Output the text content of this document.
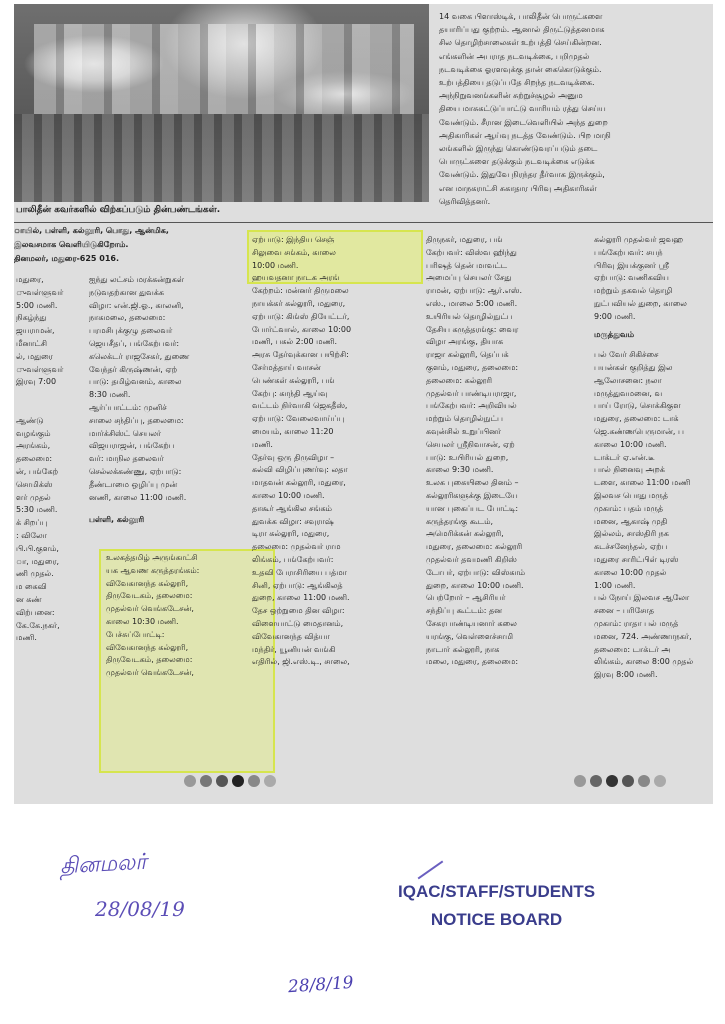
பாலிதீன் கவர்களில் விற்கப்படும் தின்பண்டங்கள்.
14 வகை பிளாஸ்டிக், பாலிதீன் பொருட்களை
தயாரிப்பது குற்றம். ஆனால் திருட்டுத்தனமாக
சில தொழிற்சாலைகள் உற்பத்தி செய்கின்றன.
எங்களின் அபராத நடவடிக்கை, பறிமுதல்
நடவடிக்கை ஓரளவுக்கு தான் கைகொடுக்கும்.
உற்பத்தியை தடுப்பதே சிறந்த நடவடிக்கை.
அந்நிறுவனங்களின் சுற்றுச்சூழல் அனும
தியை மாசுகட்டுப்பாட்டு வாரியம் ரத்து செய்ய
வேண்டும். சீரான இடைவெளியில் அந்த துறை
அதிகாரிகள் ஆய்வு நடத்த வேண்டும். பிற மாநி
லங்களில் இருந்து கொண்டுவரப்படும் தடை
பொருட்களை தடுக்கும் நடவடிக்கை எடுக்க
வேண்டும். இதுவே நிரந்தர தீர்வாக இருக்கும்,
என மாநகராட்சி சுகாதார பிரிவு அதிகாரிகள்
தெரிவித்தனர்.
ாயில், பள்ளி, கல்லூரி, பொது, ஆன்மிக,
இலவசமாக வெளியிடுகிறோம்.
தினமலர், மதுரை-625 016.
மதுரை,
ுவள்ளுவர்
5:00 மணி.
நிகழ்ந்து
ஜயராமன்,
மீனாட்சி
ல், மதுரை
ுவள்ளுவர்
இரவு 7:00

ஆண்டு
வழங்கும்
அரங்கம்,
தலைமை:
ன், பங்கேற்
சொமிக்ஸ்
ளர் முதல்
5:30 மணி.
க் சிறப்பு
: விலோ
பி.பி.குளம்,
ா, மதுரை,
ணி முதல்.
ம கைவி
ன கண்
விற்பனை:
கே.கே.நகர்,
மணி.
ஐந்து லட்சம் மரக்கன்றுகள்
நடுவதற்கான துவக்க
விழா: என்.ஜி.ஓ., காலனி,
நாகமலை, தலைமை:
பரமசிபுக்குழு தலைவர்
ஜெயசீதப், பங்கேற்பவர்:
கலெக்டர் ராஜசேகர், துணை
வேந்தர் கிருஷ்ணன், ஏற்
பாடு: தமிழ்வனம், காலை
8:30 மணி.
ஆர்ப்பாட்டம்: முனிச்
சாலை சந்திப்பு, தலைமை:
மார்க்சிஸ்ட் செயலர்
விஜயராஜன், பங்கேற்ப
வர்: மாநில தலைவர்
செல்லக்கண்ணு, ஏற்பாடு:
தீண்டாமை ஒழிப்பு முன்
னணி, காலை 11:00 மணி.
பள்ளி, கல்லூரி
உலகத்தமிழ் அருங்காட்சி
யக ஆவண கருத்தரங்கம்:
விவேகானந்த கல்லூரி,
திருவேடகம், தலைமை:
முதல்வர் வெங்கடேசன்,
காலை 10:30 மணி.
பேச்சுப்போட்டி:
விவேகானந்த கல்லூரி,
திருவேடகம், தலைமை:
முதல்வர் வெங்கடேசன்,
ஏற்பாடு: இந்திய செஞ்
சிலுவை சங்கம், காலை
10:00 மணி.
ஹயவதனா நாடக அரங்
கேற்றம்: மன்னர் திருமலை
நாயக்கர் கல்லூரி, மதுரை,
ஏற்பாடு: கிங்ஸ் தியேட்டர்,
போர்ட்வால், காலை 10:00
மணி, பகல் 2:00 மணி.
அரசு தேர்வுக்கான பயிற்சி:
சேர்மத்தாய் வாசன்
பெண்கள் கல்லூரி, பங்
கேற்பு: காந்தி ஆய்வு
வட்டம் நிர்வாகி ஜெகதீஸ்,
ஏற்பாடு: வேலைவாய்ப்பு
மையம், காலை 11:20
மணி.
தேர்வு ஒரு திருவிழா –
கல்வி விழிப்புணர்வு: லதா
மாதவன் கல்லூரி, மதுரை,
காலை 10:00 மணி.
தாகூர் ஆங்கில சங்கம்
துவக்க விழா: சவுராஷ்
டிரா கல்லூரி, மதுரை,
தலைமை: முதல்வர் ராம
லிங்கம், பங்கேற்பவர்:
உதவி பேராசிரியை பத்மா
சினி, ஏற்பாடு: ஆங்கிலத்
துறை, காலை 11:00 மணி.
தேச ஒற்றுமை தின விழா:
விளையாட்டு மைதானம்,
விவேகானந்த வித்யா
மந்திர், யூனியன் வங்கி
எதிரில், ஜி.எஸ்.டி., சாலை,
திருநகர், மதுரை, பங்
கேற்பவர்: விஸ்வ ஹிந்து
பரிஷத் தென் மாவட்ட
அமைப்பு செயலர் சேது
ராமன், ஏற்பாடு: ஆர்.எஸ்.
எஸ்., மாலை 5:00 மணி.
உயிரியல் தொழில்நுட்ப
தேசிய கருத்தரங்கு: வைர
விழா அரங்கு, தியாக
ராஜா கல்லூரி, தெப்பக்
குளம், மதுரை, தலைமை:
தலைமை: கல்லூரி
முதல்வர் பாண்டியராஜா,
பங்கேற்பவர்: அறிவியல்
மற்றும் தொழில்நுட்ப
கவுன்சில் உறுப்பினர்
செயலர் ஸ்ரீநிவாசன், ஏற்
பாடு: உயிரியல் துறை,
காலை 9:30 மணி.
உலக புகையிலை தினம் –
கல்லூரிகளுக்கு இடையே
யான புகைப்பட போட்டி:
கருத்தரங்கு கூடம்,
அமெரிக்கன் கல்லூரி,
மதுரை, தலைமை: கல்லூரி
முதல்வர் தவமணி கிறிஸ்
டோபர், ஏற்பாடு: விஸ்காம்
துறை, காலை 10:00 மணி.
பெற்றோர் – ஆசிரியர்
சந்திப்பு கூட்டம்: தன
சேகரபாண்டியனார் கலை
யரங்கு, வெள்ளைச்சாமி
நாடார் கல்லூரி, நாக
மலை, மதுரை, தலைமை:
கல்லூரி முதல்வர் ஜவஹ
பங்கேற்பவர்: சயந்
பிரிவு இயக்குனர் ஸ்ரீ
ஏற்பாடு: வணிகவிய
மற்றும் தகவல் தொழி
நுட்பவியல் துறை, காலை
9:00 மணி.

பல் வேர் சிகிச்சை
பயன்கள் குறித்து இல
ஆலோசனை: நலா
மருத்துவமனை, வ
பாய் ரோடு, சொக்கிகுள
மதுரை, தலைமை: டாக்
ஜெ.கண்ணபெருமான், ப
காலை 10:00 மணி.
டாக்டர் ஏ.என்.டீ
பால் நினைவு அறக்
டளை, காலை 11:00 மணி
இலவச பொது மருத்
முகாம்: பதம் மருத்
மனை, ஆகாஷ் முதி
இல்லம், சாஸ்திரி நக
கடச்சனேந்தல், ஏற்ப
மதுரை சாரிட்பிள் டிரஸ்
காலை 10:00 முதல்
1:00 மணி.
பல் நோய் இலவச ஆலோ
சனை – பரிசோத
முகாம்: ராதா பல் மருத்
மனை, 724. அண்ணாநகர்,
தலைமை: டாக்டர் அ
லிங்கம், காலை 8:00 முதல்
இரவு 8:00 மணி.
மருத்துவம்
தினமலர்
28/08/19
IQAC/STAFF/STUDENTS
NOTICE BOARD
28/8/19
